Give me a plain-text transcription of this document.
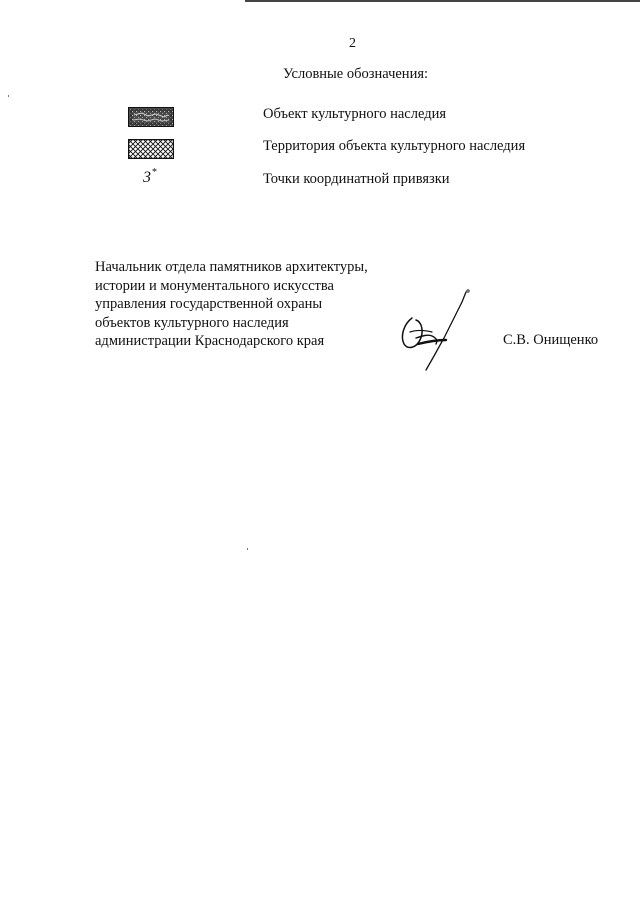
2
Условные обозначения:
Объект культурного наследия
Территория объекта культурного наследия
3*	Точки координатной привязки
Начальник отдела памятников архитектуры,
истории и монументального искусства
управления государственной охраны
объектов культурного наследия
администрации Краснодарского края	С.В. Онищенко
